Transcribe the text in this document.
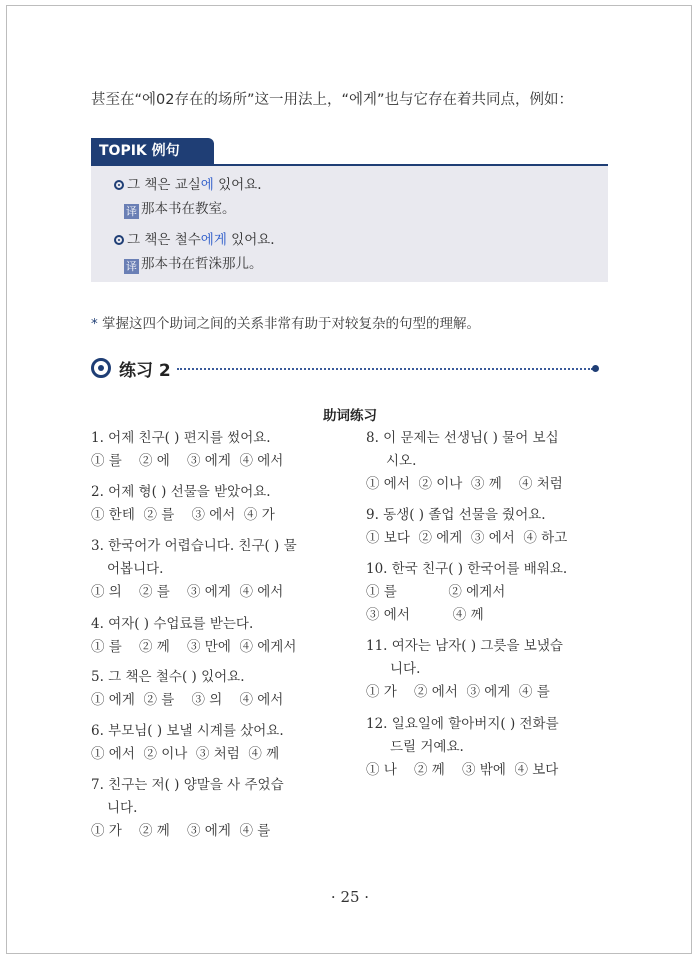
甚至在“에02存在的场所”这一用法上，“에게”也与它存在着共同点，例如：
TOPIK 例句
그 책은 교실에 있어요.
译 那本书在教室。
그 책은 철수에게 있어요.
译 那本书在哲洙那儿。
* 掌握这四个助词之间的关系非常有助于对较复杂的句型的理解。
练习 2
助词练习
1. 어제 친구( ) 편지를 썼어요.
① 를    ② 에    ③ 에게  ④ 에서
2. 어제 형( ) 선물을 받았어요.
① 한테  ② 를    ③ 에서  ④ 가
3. 한국어가 어렵습니다. 친구( ) 물
어봅니다.
① 의    ② 를    ③ 에게  ④ 에서
4. 여자( ) 수업료를 받는다.
① 를    ② 께    ③ 만에  ④ 에게서
5. 그 책은 철수( ) 있어요.
① 에게  ② 를    ③ 의    ④ 에서
6. 부모님( ) 보낼 시계를 샀어요.
① 에서  ② 이나  ③ 처럼  ④ 께
7. 친구는 저( ) 양말을 사 주었습
니다.
① 가    ② 께    ③ 에게  ④ 를
8. 이 문제는 선생님( ) 물어 보십
시오.
① 에서  ② 이나  ③ 께    ④ 처럼
9. 동생( ) 졸업 선물을 줬어요.
① 보다  ② 에게  ③ 에서  ④ 하고
10. 한국 친구( ) 한국어를 배워요.
① 를            ② 에게서
③ 에서          ④ 께
11. 여자는 남자( ) 그릇을 보냈습
니다.
① 가    ② 에서  ③ 에게  ④ 를
12. 일요일에 할아버지( ) 전화를
드릴 거예요.
① 나    ② 께    ③ 밖에  ④ 보다
· 25 ·
